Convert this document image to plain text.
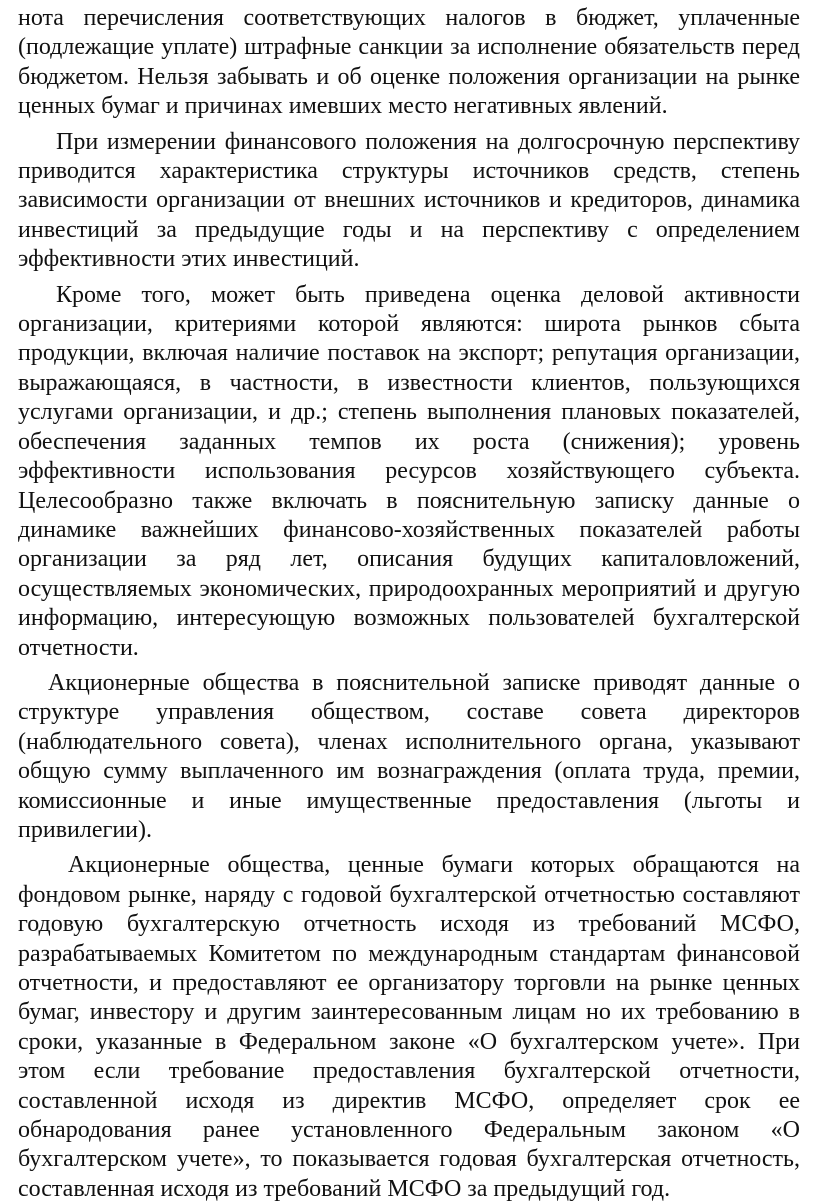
нота перечисления соответствующих налогов в бюджет, уплаченные (подлежащие уплате) штрафные санкции за исполнение обязательств перед бюджетом. Нельзя забывать и об оценке положения организации на рынке ценных бумаг и причинах имевших место негативных явлений.

При измерении финансового положения на долгосрочную перспективу приводится характеристика структуры источников средств, степень зависимости организации от внешних источников и кредиторов, динамика инвестиций за предыдущие годы и на перспективу с определением эффективности этих инвестиций.

Кроме того, может быть приведена оценка деловой активности организации, критериями которой являются: широта рынков сбыта продукции, включая наличие поставок на экспорт; репутация организации, выражающаяся, в частности, в известности клиентов, пользующихся услугами организации, и др.; степень выполнения плановых показателей, обеспечения заданных темпов их роста (снижения); уровень эффективности использования ресурсов хозяйствующего субъекта. Целесообразно также включать в пояснительную записку данные о динамике важнейших финансово-хозяйственных показателей работы организации за ряд лет, описания будущих капиталовложений, осуществляемых экономических, природоохранных мероприятий и другую информацию, интересующую возможных пользователей бухгалтерской отчетности.

Акционерные общества в пояснительной записке приводят данные о структуре управления обществом, составе совета директоров (наблюдательного совета), членах исполнительного органа, указывают общую сумму выплаченного им вознаграждения (оплата труда, премии, комиссионные и иные имущественные предоставления (льготы и привилегии).

Акционерные общества, ценные бумаги которых обращаются на фондовом рынке, наряду с годовой бухгалтерской отчетностью составляют годовую бухгалтерскую отчетность исходя из требований МСФО, разрабатываемых Комитетом по международным стандартам финансовой отчетности, и предоставляют ее организатору торговли на рынке ценных бумаг, инвестору и другим заинтересованным лицам но их требованию в сроки, указанные в Федеральном законе «О бухгалтерском учете». При этом если требование предоставления бухгалтерской отчетности, составленной исходя из директив МСФО, определяет срок ее обнародования ранее установленного Федеральным законом «О бухгалтерском учете», то показывается годовая бухгалтерская отчетность, составленная исходя из требований МСФО за предыдущий год.
